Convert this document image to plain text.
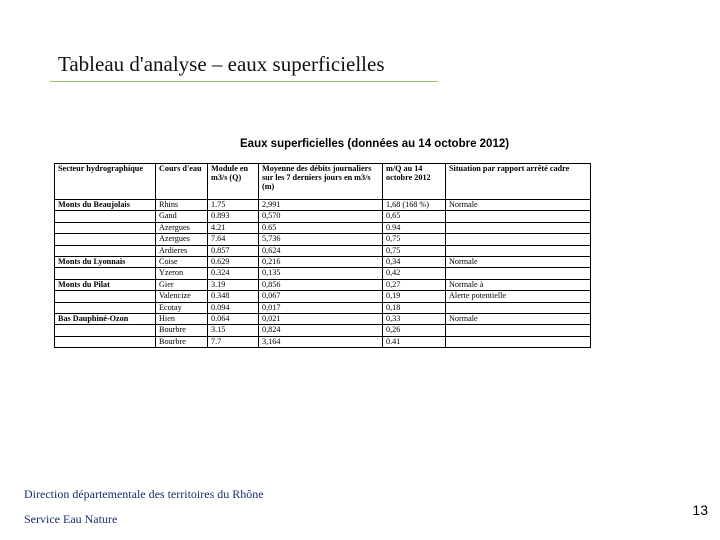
Tableau d'analyse – eaux superficielles
Eaux superficielles (données au 14 octobre 2012)
Secteur hydrographique	Cours d'eau	Module en m3/s (Q)	Moyenne des débits journaliers sur les 7 derniers jours en m3/s (m)	m/Q au 14 octobre 2012	Situation par rapport arrêté cadre
Monts du Beaujolais	Rhins	1.75	2,991	1,68 (168 %)	Normale
	Gand	0.893	0,570	0,65	
	Azergues	4.21	0.65	0.94	
	Azergues	7.64	5,736	0,75	
	Ardieres	0.857	0,624	0,75	
Monts du Lyonnais	Coise	0.629	0,216	0,34	Normale
	Yzeron	0.324	0,135	0,42	
Monts du Pilat	Gier	3.19	0,856	0,27	Normale à
	Valencize	0.348	0,067	0,19	Alerte potentielle
	Ecotay	0.094	0,017	0,18	
Bas Dauphiné-Ozon	Hien	0.064	0,021	0,33	Normale
	Bourbre	3.15	0,824	0,26	
	Bourbre	7.7	3,164	0.41	
Direction départementale des territoires du Rhône
Service Eau Nature
13
